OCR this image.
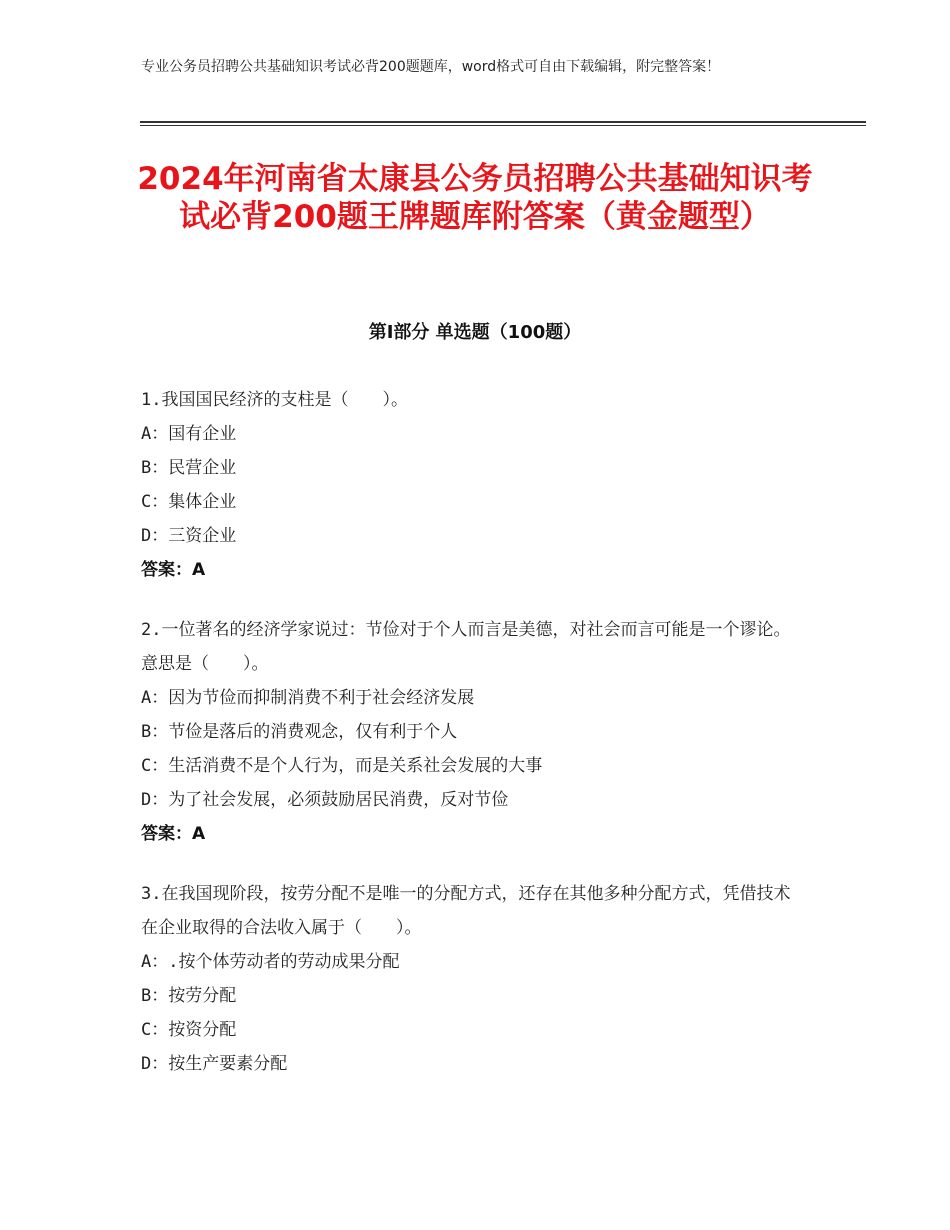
专业公务员招聘公共基础知识考试必背200题题库，word格式可自由下载编辑，附完整答案！
2024年河南省太康县公务员招聘公共基础知识考试必背200题王牌题库附答案（黄金题型）
第Ⅰ部分 单选题（100题）
1.我国国民经济的支柱是（　　）。
A：国有企业
B：民营企业
C：集体企业
D：三资企业
答案：A
2.一位著名的经济学家说过：节俭对于个人而言是美德，对社会而言可能是一个谬论。意思是（　　）。
A：因为节俭而抑制消费不利于社会经济发展
B：节俭是落后的消费观念，仅有利于个人
C：生活消费不是个人行为，而是关系社会发展的大事
D：为了社会发展，必须鼓励居民消费，反对节俭
答案：A
3.在我国现阶段，按劳分配不是唯一的分配方式，还存在其他多种分配方式，凭借技术在企业取得的合法收入属于（　　）。
A：.按个体劳动者的劳动成果分配
B：按劳分配
C：按资分配
D：按生产要素分配
